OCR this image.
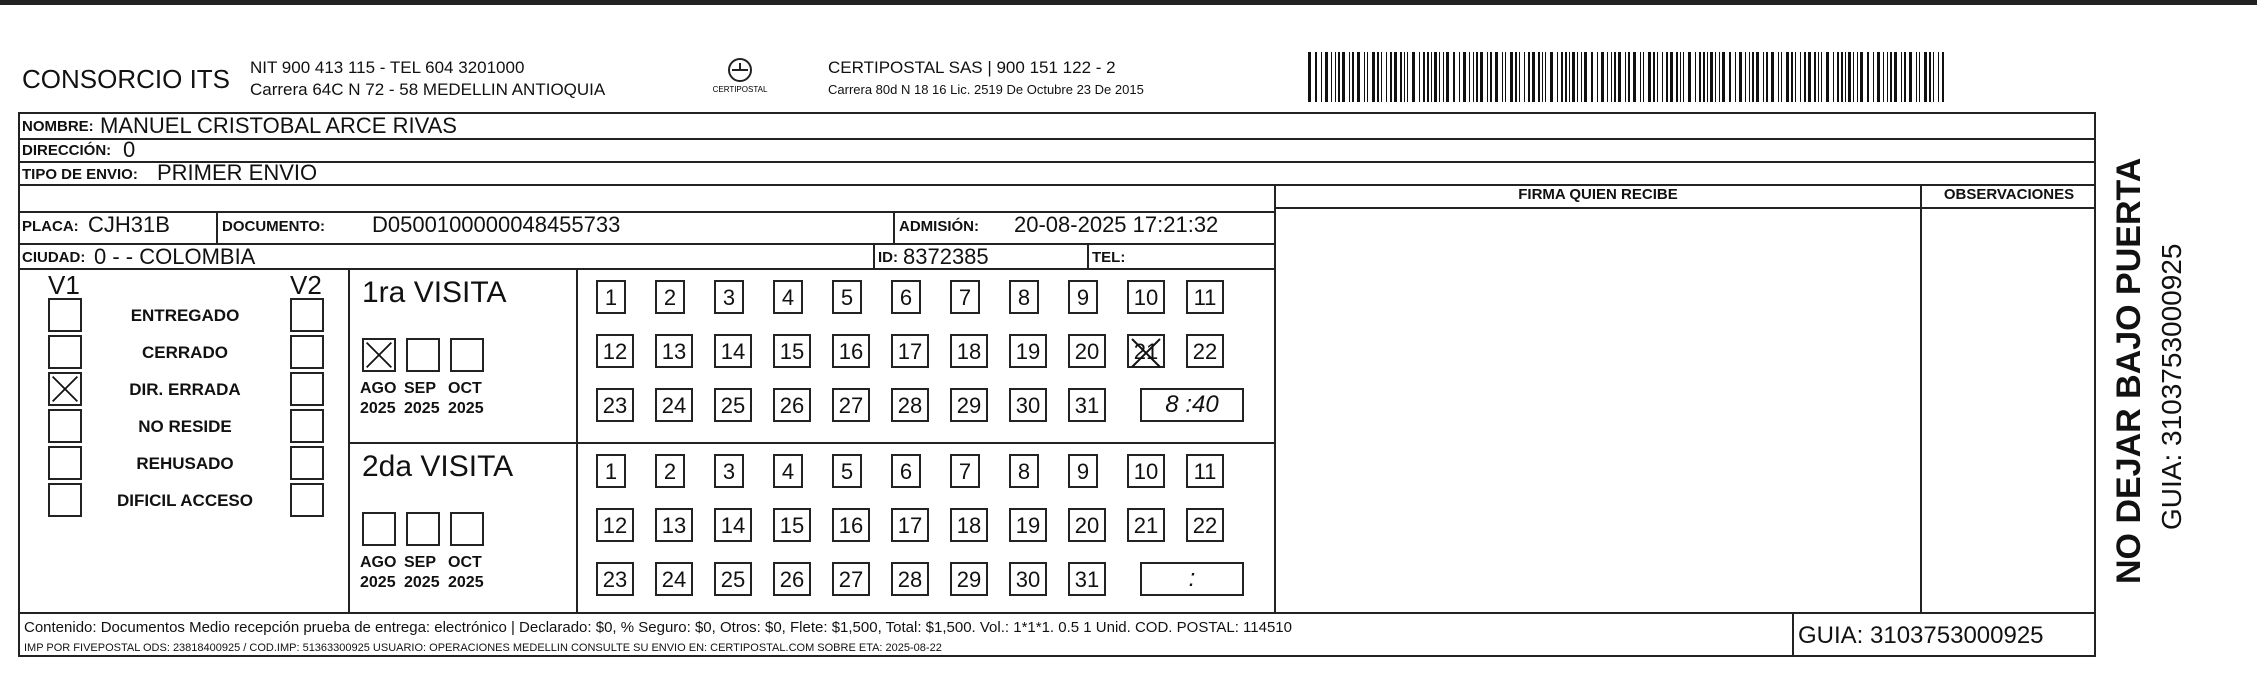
CONSORCIO ITS NIT 900 413 115 - TEL 604 3201000
Carrera 64C N 72 - 58 MEDELLIN ANTIOQUIA	CERTIPOSTAL
CERTIPOSTAL SAS | 900 151 122 - 2
Carrera 80d N 18 16 Lic. 2519 De Octubre 23 De 2015
NOMBRE: MANUEL CRISTOBAL ARCE RIVAS
DIRECCIÓN: 0
TIPO DE ENVIO: PRIMER ENVIO
PLACA: CJH31B	DOCUMENTO: D0500100000048455733	ADMISIÓN: 20-08-2025 17:21:32
CIUDAD: 0 - - COLOMBIA	ID: 8372385	TEL:
FIRMA QUIEN RECIBE	OBSERVACIONES
V1	V2
ENTREGADO
CERRADO
DIR. ERRADA
NO RESIDE
REHUSADO
DIFICIL ACCESO
1ra VISITA
AGO
2025
SEP
2025
OCT
2025
1	2	3	4	5	6	7	8	9	10	11
12	13	14	15	16	17	18	19	20	21	22
23	24	25	26	27	28	29	30	31	8 :40
2da VISITA
AGO
2025
SEP
2025
OCT
2025
1	2	3	4	5	6	7	8	9	10	11
12	13	14	15	16	17	18	19	20	21	22
23	24	25	26	27	28	29	30	31	:
Contenido: Documentos Medio recepción prueba de entrega: electrónico | Declarado: $0, % Seguro: $0, Otros: $0, Flete: $1,500, Total: $1,500. Vol.: 1*1*1. 0.5 1 Unid. COD. POSTAL: 114510
IMP POR FIVEPOSTAL ODS: 23818400925 / COD.IMP: 51363300925 USUARIO: OPERACIONES MEDELLIN CONSULTE SU ENVIO EN: CERTIPOSTAL.COM SOBRE ETA: 2025-08-22	GUIA: 3103753000925
NO DEJAR BAJO PUERTA GUIA: 3103753000925
